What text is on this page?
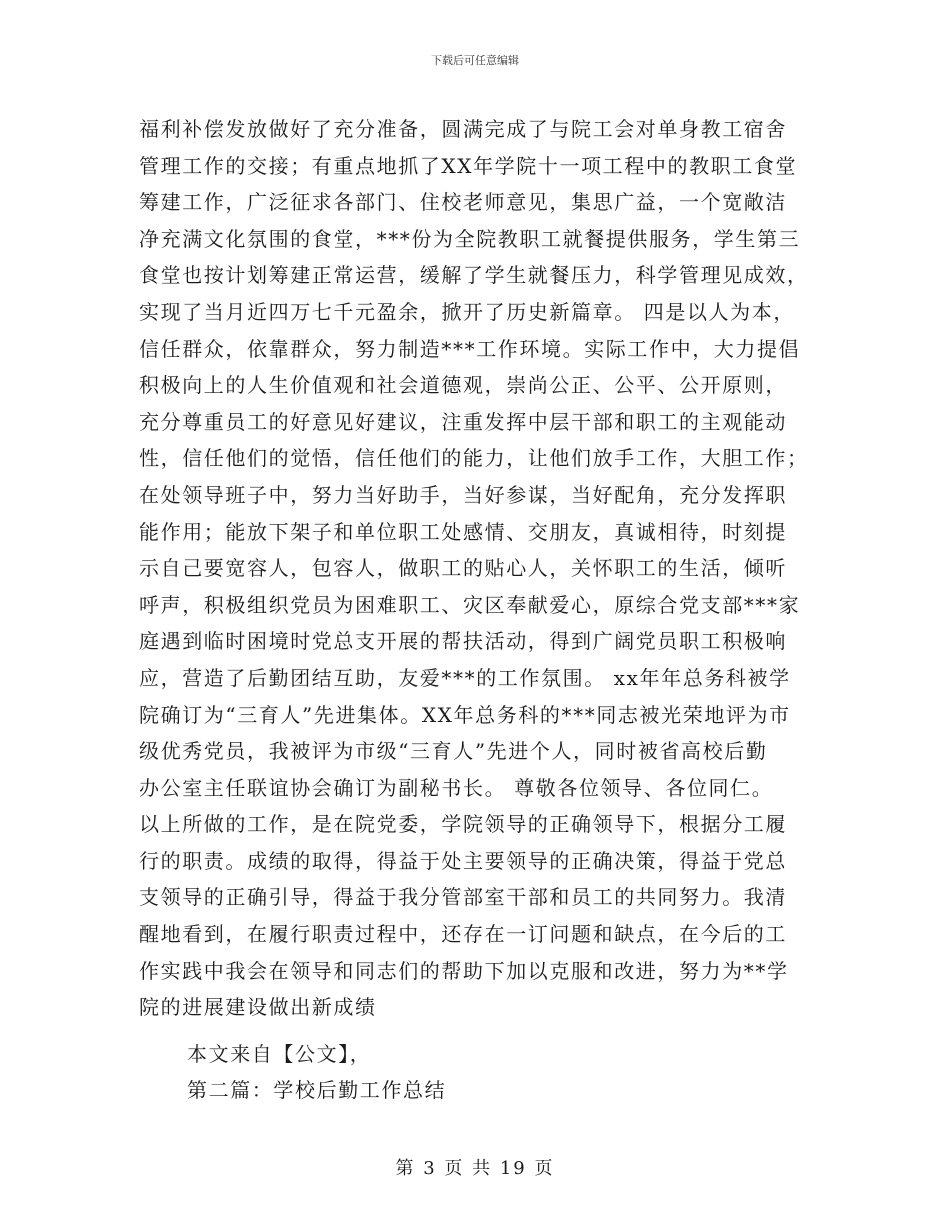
下载后可任意编辑
福利补偿发放做好了充分准备，圆满完成了与院工会对单身教工宿舍
管理工作的交接；有重点地抓了XX年学院十一项工程中的教职工食堂
筹建工作，广泛征求各部门、住校老师意见，集思广益，一个宽敞洁
净充满文化氛围的食堂，***份为全院教职工就餐提供服务，学生第三
食堂也按计划筹建正常运营，缓解了学生就餐压力，科学管理见成效，
实现了当月近四万七千元盈余，掀开了历史新篇章。 四是以人为本，
信任群众，依靠群众，努力制造***工作环境。实际工作中，大力提倡
积极向上的人生价值观和社会道德观，崇尚公正、公平、公开原则，
充分尊重员工的好意见好建议，注重发挥中层干部和职工的主观能动
性，信任他们的觉悟，信任他们的能力，让他们放手工作，大胆工作；
在处领导班子中，努力当好助手，当好参谋，当好配角，充分发挥职
能作用；能放下架子和单位职工处感情、交朋友，真诚相待，时刻提
示自己要宽容人，包容人，做职工的贴心人，关怀职工的生活，倾听
呼声，积极组织党员为困难职工、灾区奉献爱心，原综合党支部***家
庭遇到临时困境时党总支开展的帮扶活动，得到广阔党员职工积极响
应，营造了后勤团结互助，友爱***的工作氛围。 xx年年总务科被学
院确订为“三育人”先进集体。XX年总务科的***同志被光荣地评为市
级优秀党员，我被评为市级“三育人”先进个人，同时被省高校后勤
办公室主任联谊协会确订为副秘书长。 尊敬各位领导、各位同仁。
以上所做的工作，是在院党委，学院领导的正确领导下，根据分工履
行的职责。成绩的取得，得益于处主要领导的正确决策，得益于党总
支领导的正确引导，得益于我分管部室干部和员工的共同努力。我清
醒地看到，在履行职责过程中，还存在一订问题和缺点，在今后的工
作实践中我会在领导和同志们的帮助下加以克服和改进，努力为**学
院的进展建设做出新成绩
本文来自【公文】，
第二篇：学校后勤工作总结
第 3 页 共 19 页
